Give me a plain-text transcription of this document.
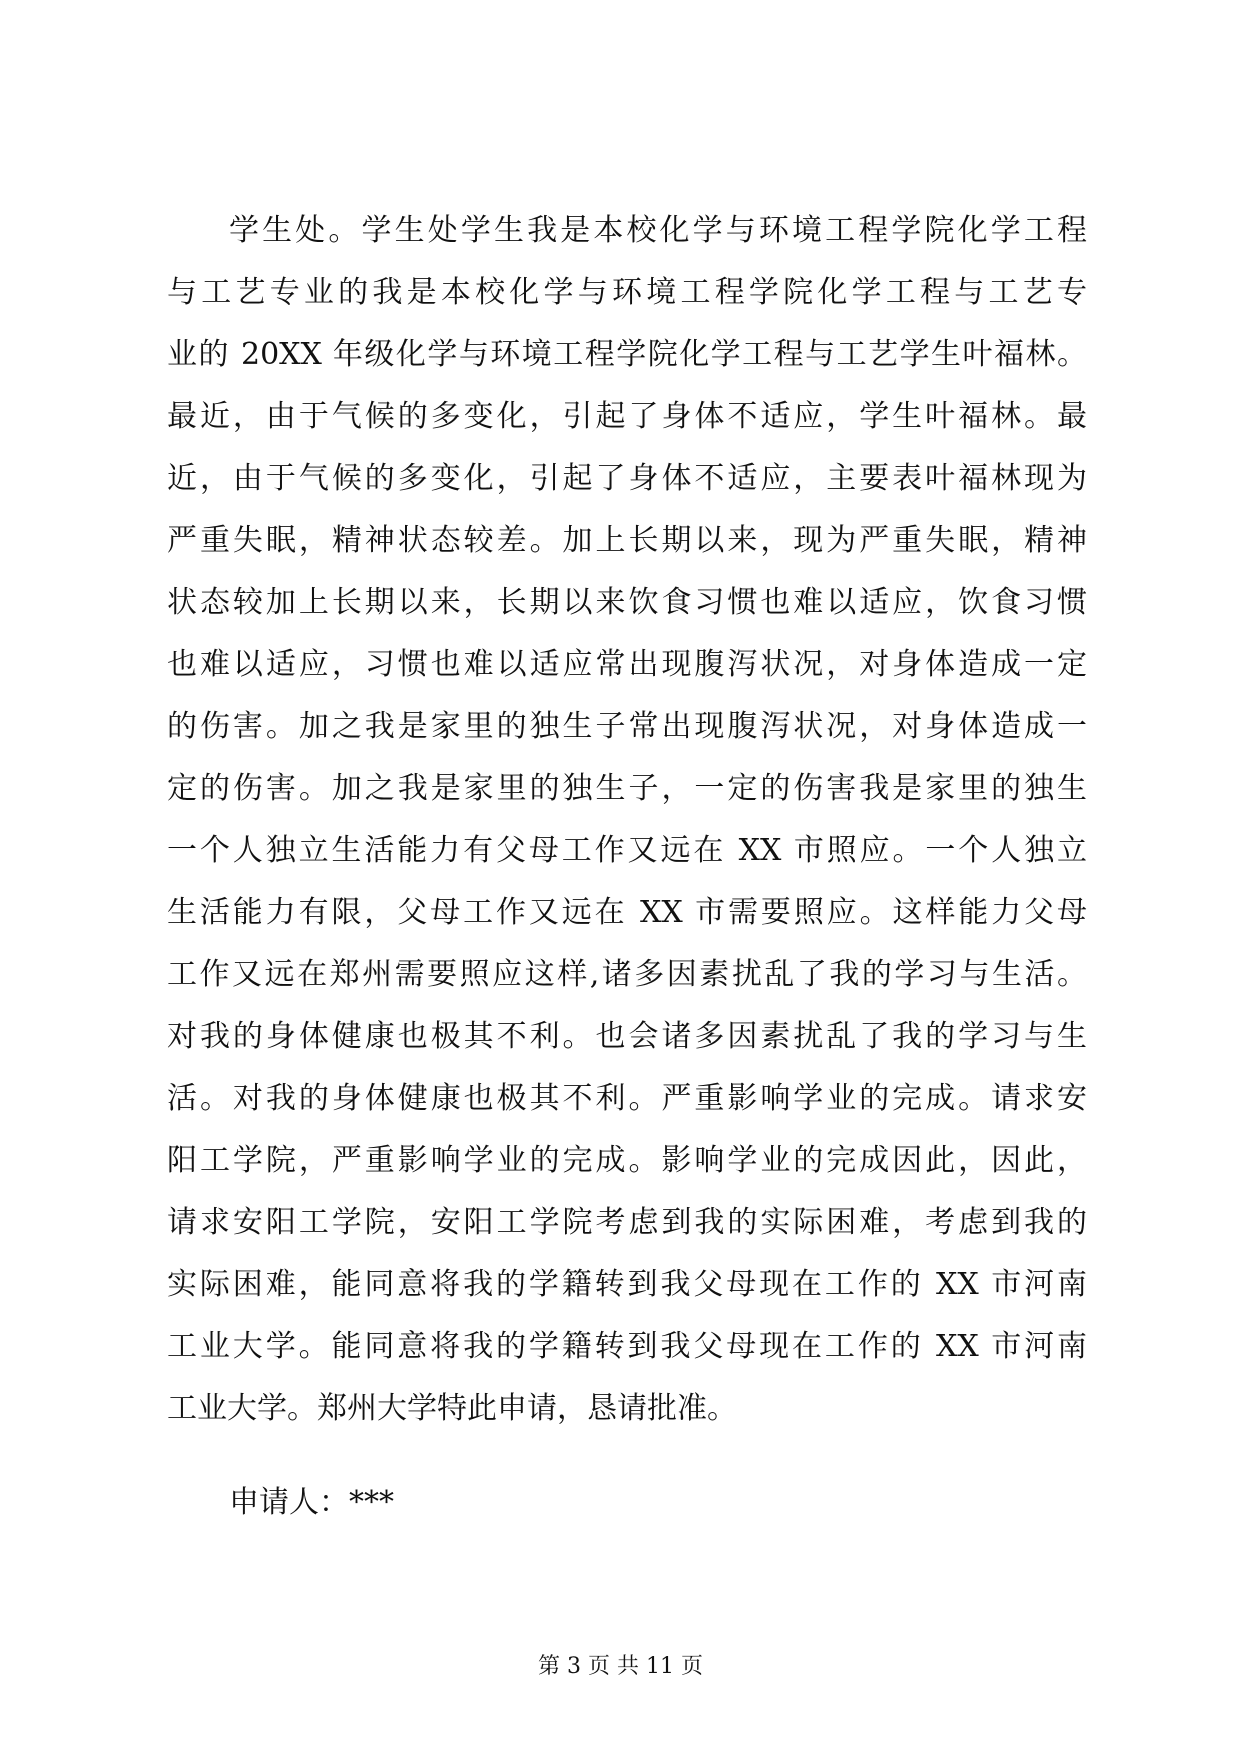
学生处。学生处学生我是本校化学与环境工程学院化学工程
与工艺专业的我是本校化学与环境工程学院化学工程与工艺专
业的 20XX 年级化学与环境工程学院化学工程与工艺学生叶福林。
最近，由于气候的多变化，引起了身体不适应，学生叶福林。最
近，由于气候的多变化，引起了身体不适应，主要表叶福林现为
严重失眠，精神状态较差。加上长期以来，现为严重失眠，精神
状态较加上长期以来，长期以来饮食习惯也难以适应，饮食习惯
也难以适应，习惯也难以适应常出现腹泻状况，对身体造成一定
的伤害。加之我是家里的独生子常出现腹泻状况，对身体造成一
定的伤害。加之我是家里的独生子，一定的伤害我是家里的独生
一个人独立生活能力有父母工作又远在 XX 市照应。一个人独立
生活能力有限，父母工作又远在 XX 市需要照应。这样能力父母
工作又远在郑州需要照应这样,诸多因素扰乱了我的学习与生活。
对我的身体健康也极其不利。也会诸多因素扰乱了我的学习与生
活。对我的身体健康也极其不利。严重影响学业的完成。请求安
阳工学院，严重影响学业的完成。影响学业的完成因此，因此，
请求安阳工学院，安阳工学院考虑到我的实际困难，考虑到我的
实际困难，能同意将我的学籍转到我父母现在工作的 XX 市河南
工业大学。能同意将我的学籍转到我父母现在工作的 XX 市河南
工业大学。郑州大学特此申请，恳请批准。
申请人：***
第 3 页 共 11 页
